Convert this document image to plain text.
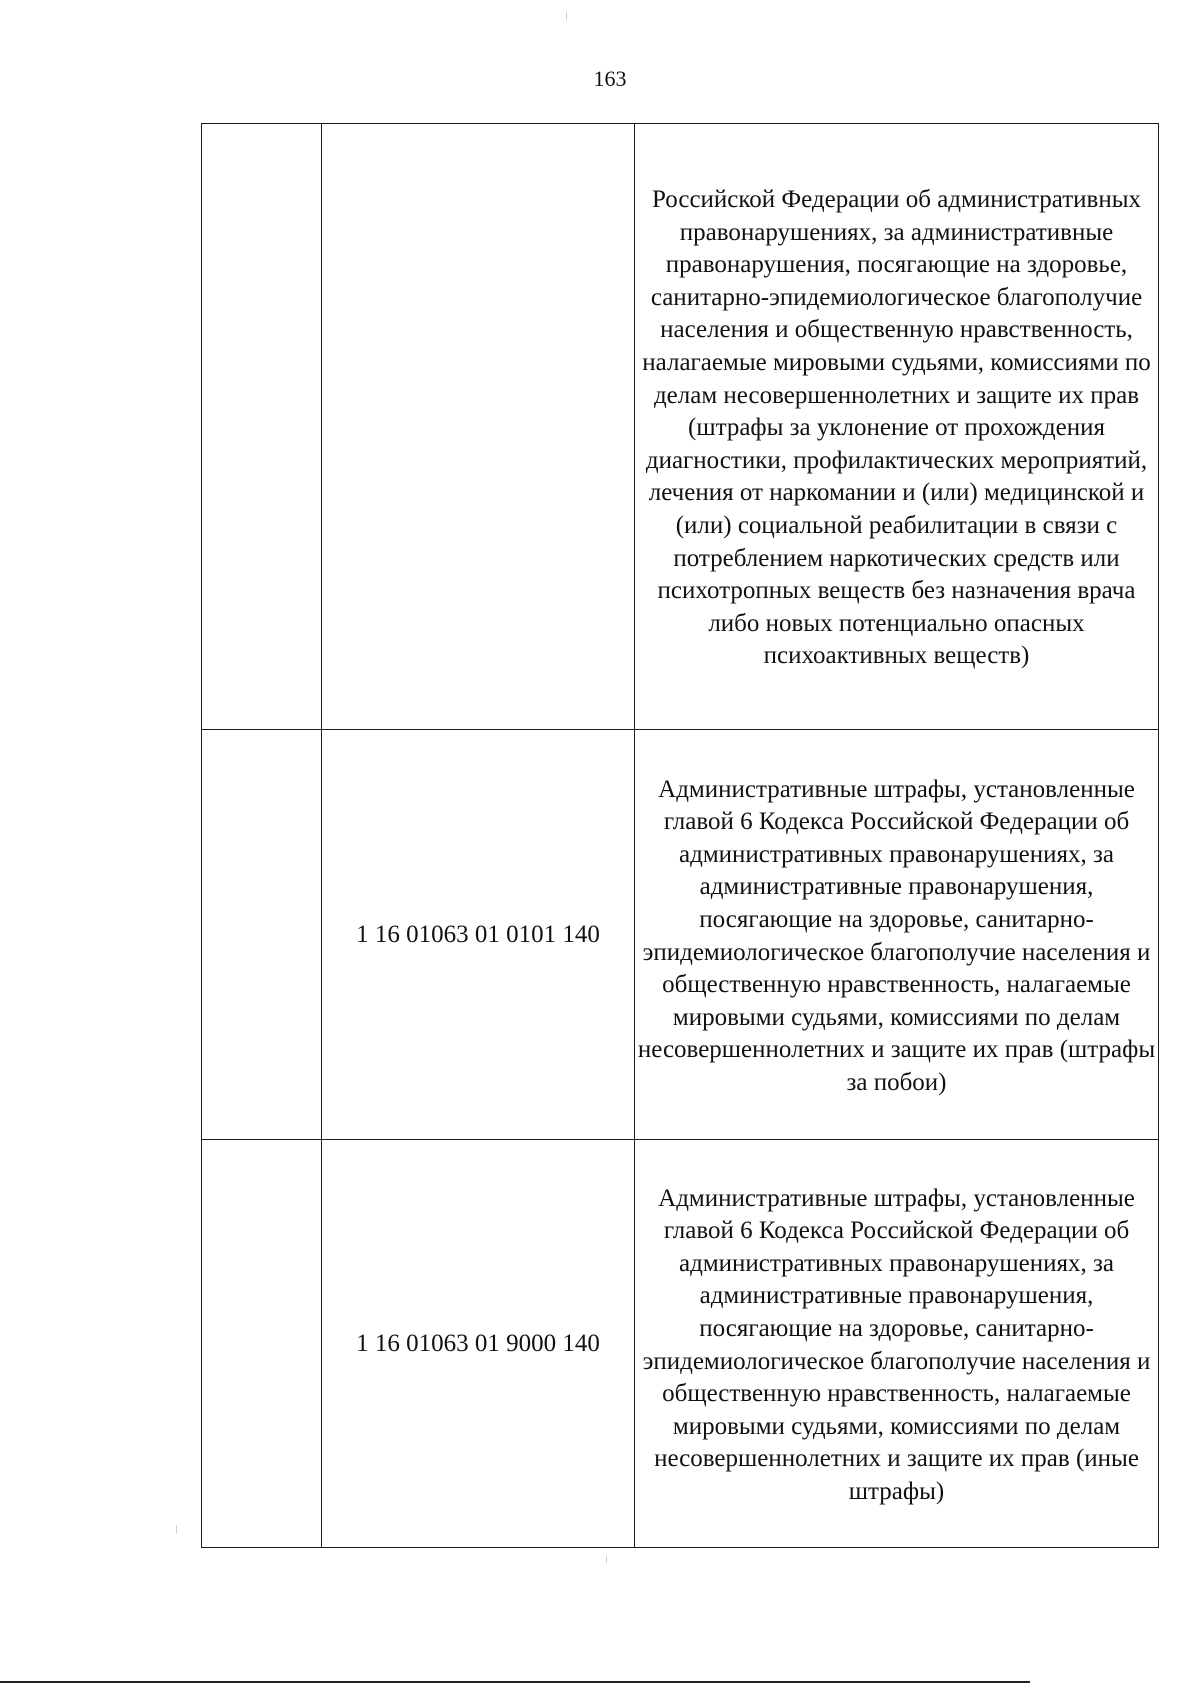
163
		Российской Федерации об административных правонарушениях, за административные правонарушения, посягающие на здоровье, санитарно-эпидемиологическое благополучие населения и общественную нравственность, налагаемые мировыми судьями, комиссиями по делам несовершеннолетних и защите их прав (штрафы за уклонение от прохождения диагностики, профилактических мероприятий, лечения от наркомании и (или) медицинской и (или) социальной реабилитации в связи с потреблением наркотических средств или психотропных веществ без назначения врача либо новых потенциально опасных психоактивных веществ)
	1 16 01063 01 0101 140	Административные штрафы, установленные главой 6 Кодекса Российской Федерации об административных правонарушениях, за административные правонарушения, посягающие на здоровье, санитарно-эпидемиологическое благополучие населения и общественную нравственность, налагаемые мировыми судьями, комиссиями по делам несовершеннолетних и защите их прав (штрафы за побои)
	1 16 01063 01 9000 140	Административные штрафы, установленные главой 6 Кодекса Российской Федерации об административных правонарушениях, за административные правонарушения, посягающие на здоровье, санитарно-эпидемиологическое благополучие населения и общественную нравственность, налагаемые мировыми судьями, комиссиями по делам несовершеннолетних и защите их прав (иные штрафы)
